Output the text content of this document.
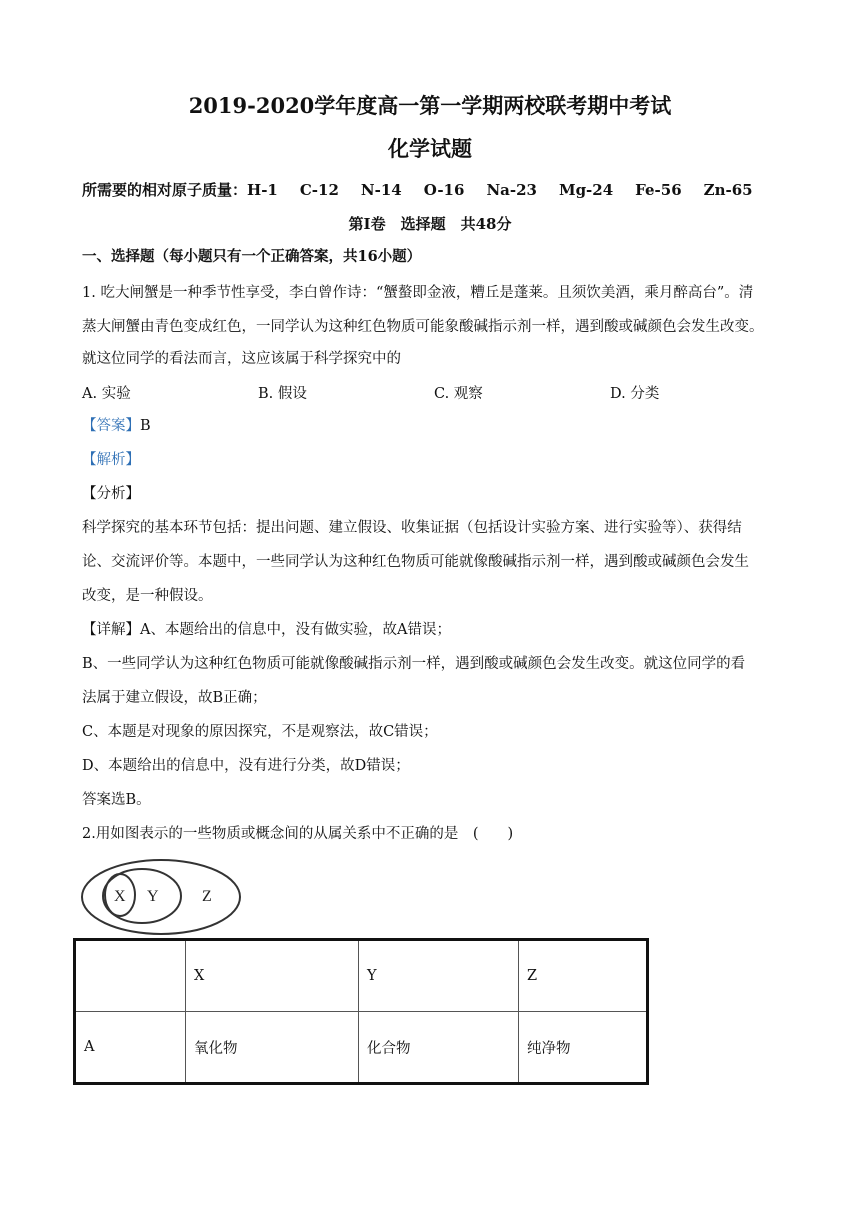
2019-2020学年度高一第一学期两校联考期中考试
化学试题
所需要的相对原子质量：H-1 C-12 N-14 O-16 Na-23 Mg-24 Fe-56 Zn-65
第Ⅰ卷　选择题　共48分
一、选择题（每小题只有一个正确答案，共16小题）
1. 吃大闸蟹是一种季节性享受，李白曾作诗：“蟹螯即金液，糟丘是蓬莱。且须饮美酒，乘月醉高台”。清
蒸大闸蟹由青色变成红色，一同学认为这种红色物质可能象酸碱指示剂一样，遇到酸或碱颜色会发生改变。
就这位同学的看法而言，这应该属于科学探究中的
A. 实验	B. 假设	C. 观察	D. 分类
【答案】B
【解析】
【分析】
科学探究的基本环节包括：提出问题、建立假设、收集证据（包括设计实验方案、进行实验等）、获得结
论、交流评价等。本题中，一些同学认为这种红色物质可能就像酸碱指示剂一样，遇到酸或碱颜色会发生
改变，是一种假设。
【详解】A、本题给出的信息中，没有做实验，故A错误；
B、一些同学认为这种红色物质可能就像酸碱指示剂一样，遇到酸或碱颜色会发生改变。就这位同学的看
法属于建立假设，故B正确；
C、本题是对现象的原因探究，不是观察法，故C错误；
D、本题给出的信息中，没有进行分类，故D错误；
答案选B。
2.用如图表示的一些物质或概念间的从属关系中不正确的是　(　　)
X Y	Z
	X	Y	Z
A	氧化物	化合物	纯净物
